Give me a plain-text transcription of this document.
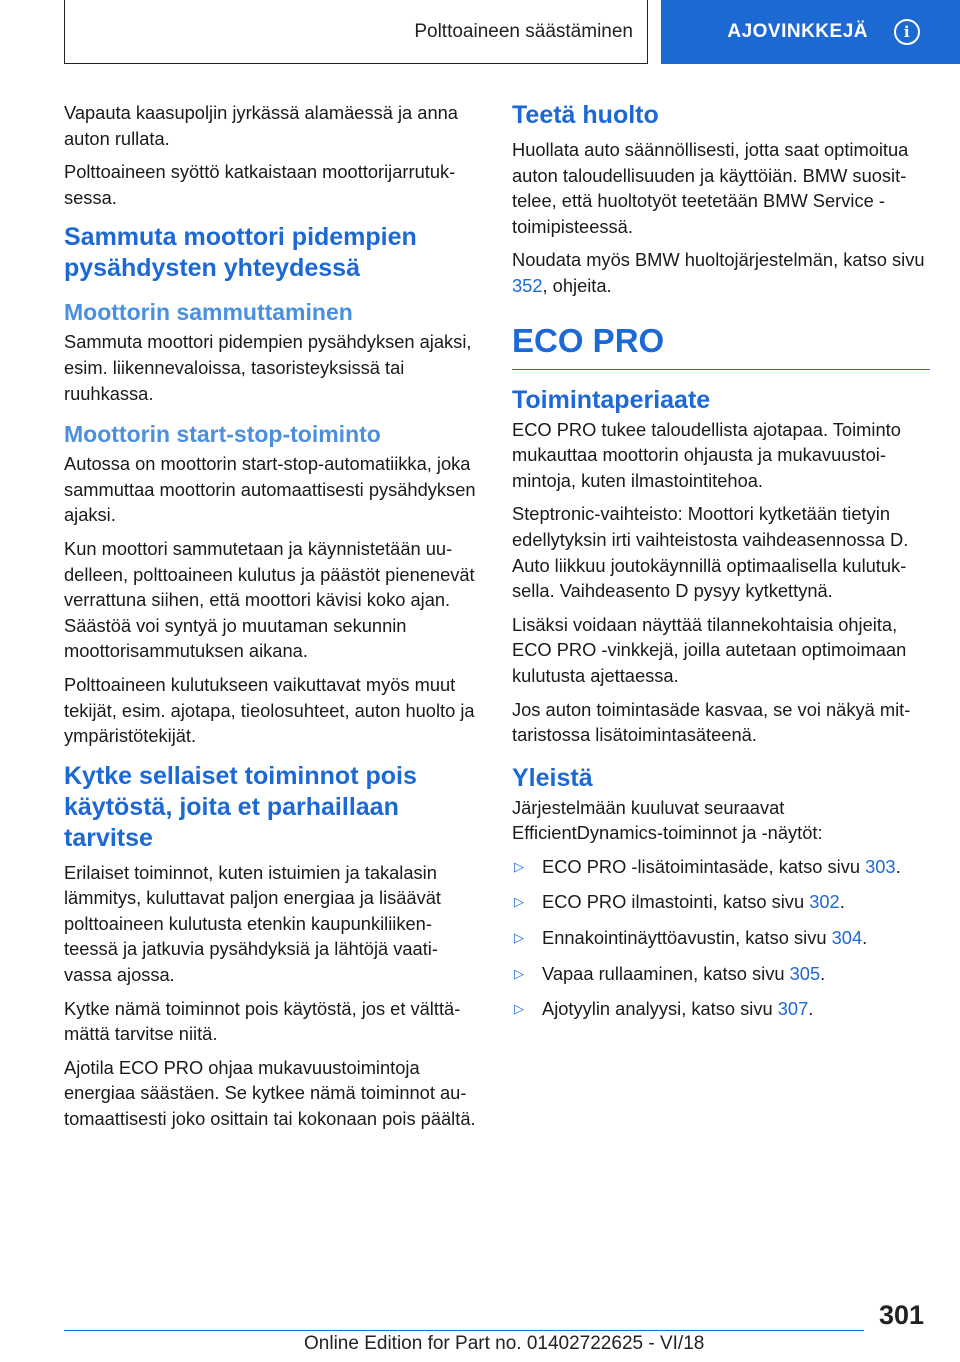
Polttoaineen säästäminen	AJOVINKKEJÄ	i

Vapauta kaasupoljin jyrkässä alamäessä ja anna auton rullata.

Polttoaineen syöttö katkaistaan moottorijarrutuksessa.

Sammuta moottori pidempien pysähdysten yhteydessä
Moottorin sammuttaminen

Sammuta moottori pidempien pysähdyksen ajaksi, esim. liikennevaloissa, tasoristeyksissä tai ruuhkassa.

Moottorin start-stop-toiminto

Autossa on moottorin start-stop-automatiikka, joka sammuttaa moottorin automaattisesti pysähdyksen ajaksi.

Kun moottori sammutetaan ja käynnistetään uudelleen, polttoaineen kulutus ja päästöt pienenevät verrattuna siihen, että moottori kävisi koko ajan. Säästöä voi syntyä jo muutaman sekunnin moottorisammutuksen aikana.

Polttoaineen kulutukseen vaikuttavat myös muut tekijät, esim. ajotapa, tieolosuhteet, auton huolto ja ympäristötekijät.

Kytke sellaiset toiminnot pois käytöstä, joita et parhaillaan tarvitse

Erilaiset toiminnot, kuten istuimien ja takalasin lämmitys, kuluttavat paljon energiaa ja lisäävät polttoaineen kulutusta etenkin kaupunkiliikenteessä ja jatkuvia pysähdyksiä ja lähtöjä vaativassa ajossa.

Kytke nämä toiminnot pois käytöstä, jos et välttämättä tarvitse niitä.

Ajotila ECO PRO ohjaa mukavuustoimintoja energiaa säästäen. Se kytkee nämä toiminnot automaattisesti joko osittain tai kokonaan pois päältä.

Teetä huolto

Huollata auto säännöllisesti, jotta saat optimoitua auton taloudellisuuden ja käyttöiän. BMW suosittelee, että huoltotyöt teetetään BMW Service -toimipisteessä.

Noudata myös BMW huoltojärjestelmän, katso sivu 352, ohjeita.

ECO PRO
Toimintaperiaate

ECO PRO tukee taloudellista ajotapaa. Toiminto mukauttaa moottorin ohjausta ja mukavuustoimintoja, kuten ilmastointitehoa.

Steptronic-vaihteisto: Moottori kytketään tietyin edellytyksin irti vaihteistosta vaihdeasennossa D. Auto liikkuu joutokäynnillä optimaalisella kulutuksella. Vaihdeasento D pysyy kytkettynä.

Lisäksi voidaan näyttää tilannekohtaisia ohjeita, ECO PRO -vinkkejä, joilla autetaan optimoimaan kulutusta ajettaessa.

Jos auton toimintasäde kasvaa, se voi näkyä mittaristossa lisätoimintasäteenä.

Yleistä

Järjestelmään kuuluvat seuraavat EfficientDynamics-toiminnot ja -näytöt:

▷ ECO PRO -lisätoimintasäde, katso sivu 303.
▷ ECO PRO ilmastointi, katso sivu 302.
▷ Ennakointinäyttöavustin, katso sivu 304.
▷ Vapaa rullaaminen, katso sivu 305.
▷ Ajotyylin analyysi, katso sivu 307.
301
Online Edition for Part no. 01402722625 - VI/18
